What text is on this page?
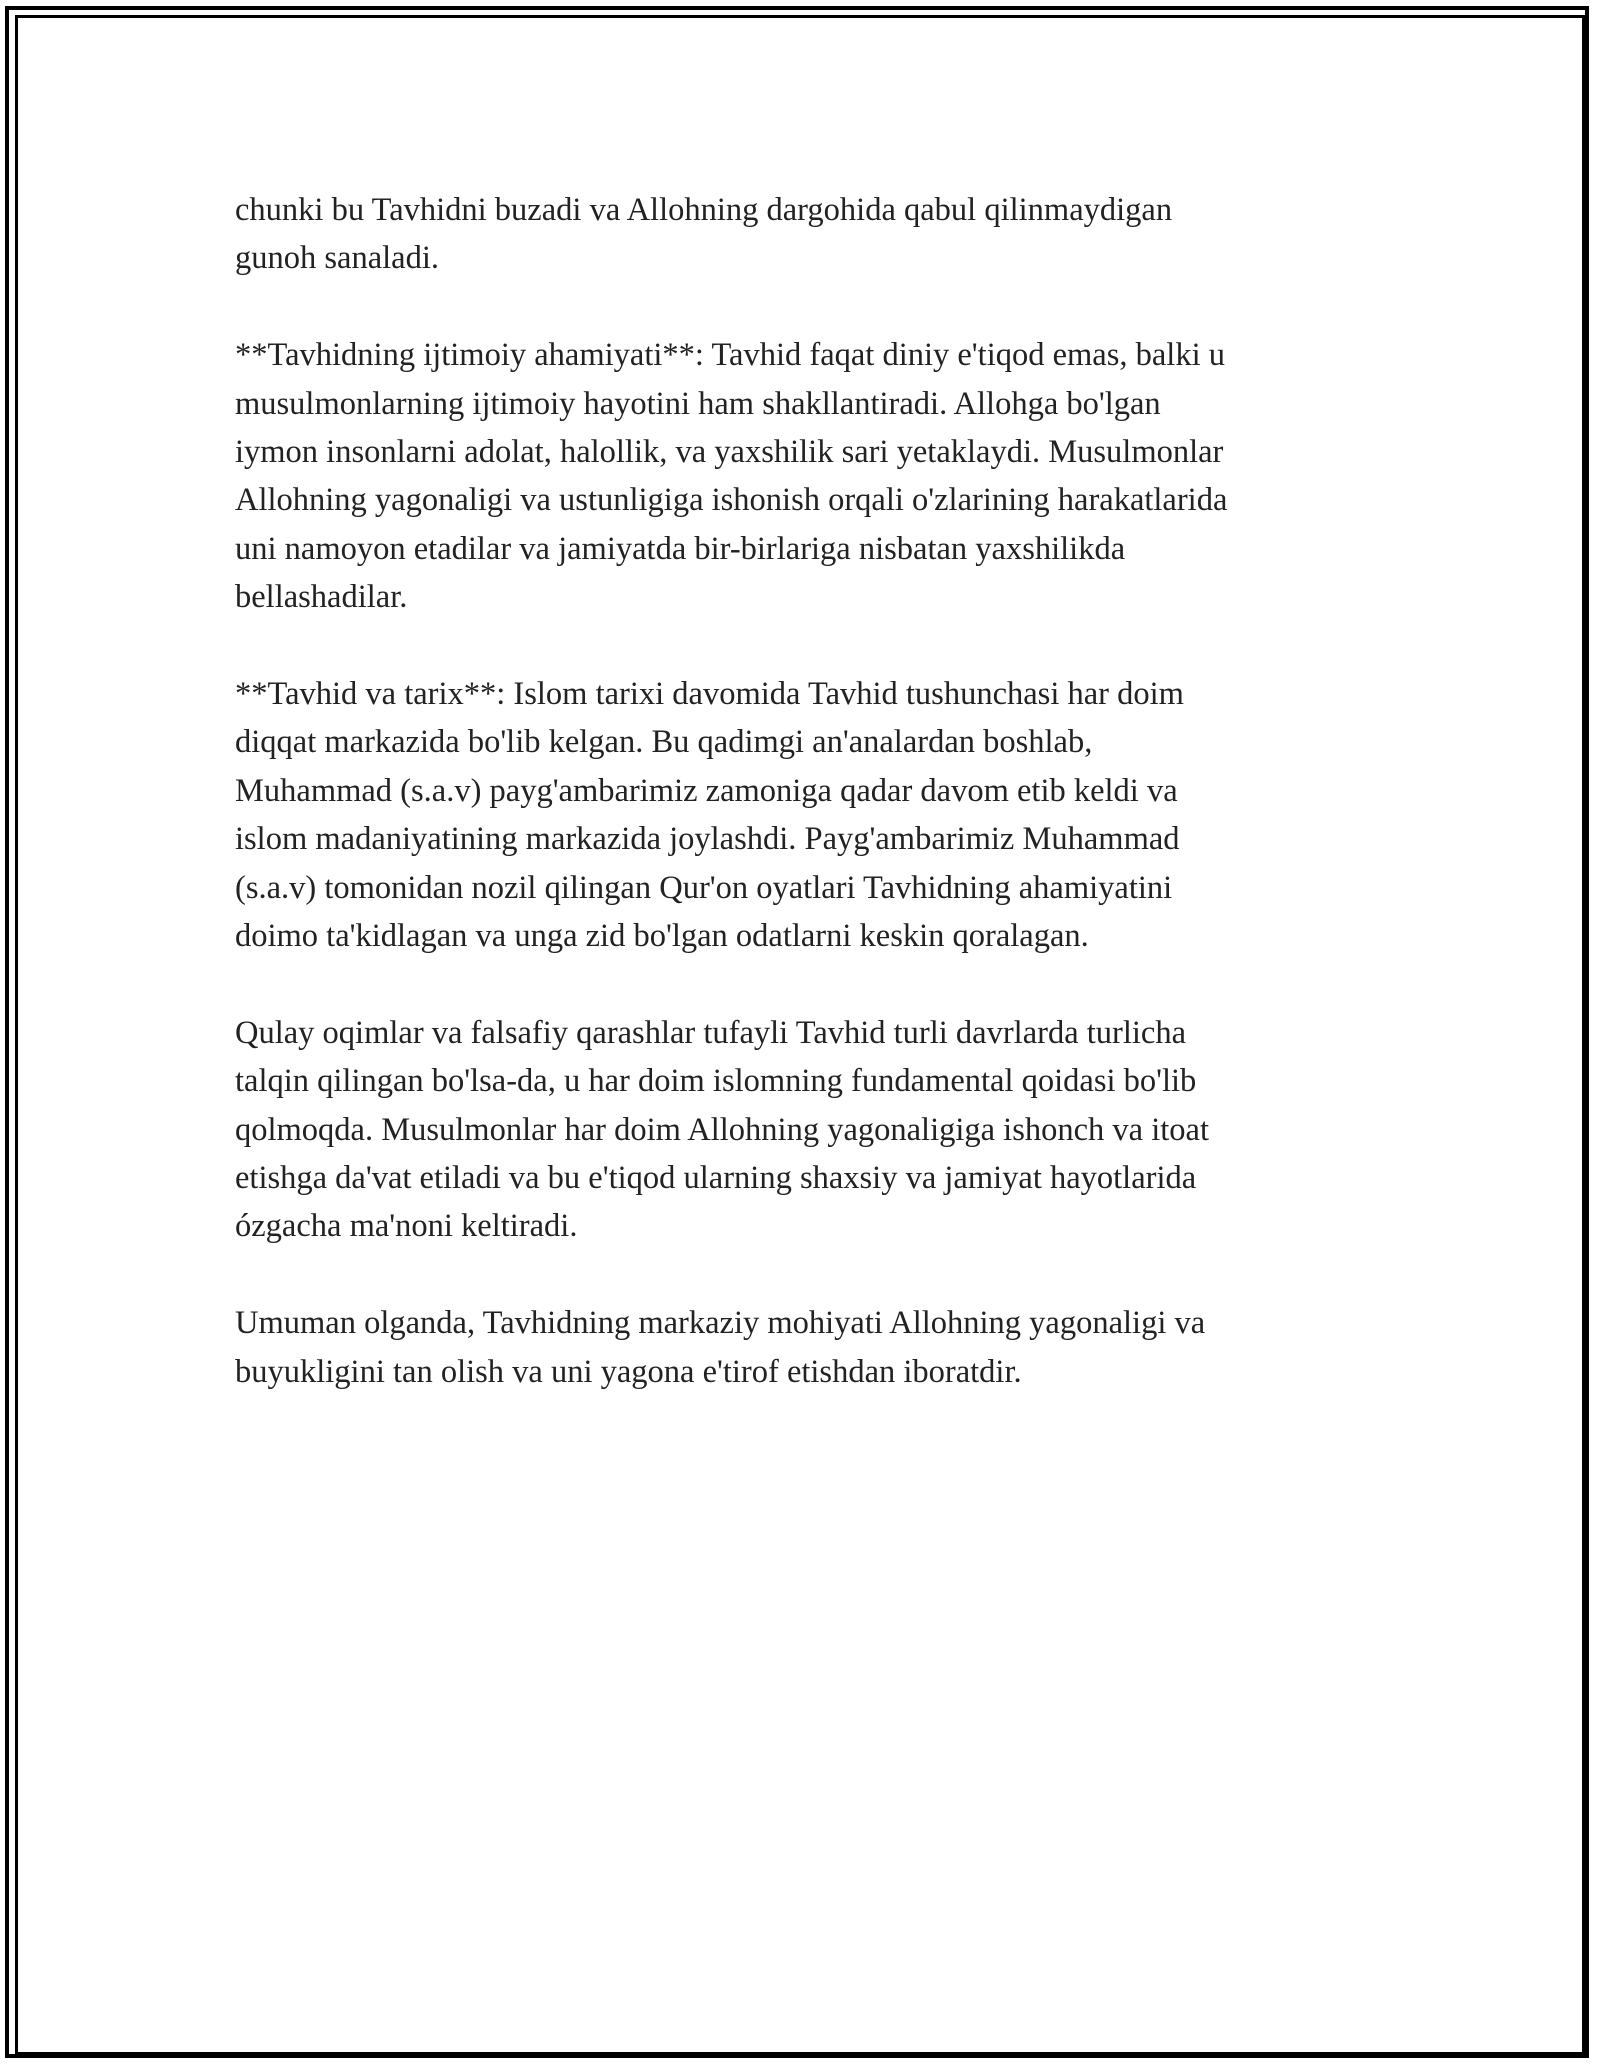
chunki bu Tavhidni buzadi va Allohning dargohida qabul qilinmaydigan
gunoh sanaladi.

**Tavhidning ijtimoiy ahamiyati**: Tavhid faqat diniy e'tiqod emas, balki u
musulmonlarning ijtimoiy hayotini ham shakllantiradi. Allohga bo'lgan
iymon insonlarni adolat, halollik, va yaxshilik sari yetaklaydi. Musulmonlar
Allohning yagonaligi va ustunligiga ishonish orqali o'zlarining harakatlarida
uni namoyon etadilar va jamiyatda bir-birlariga nisbatan yaxshilikda
bellashadilar.

**Tavhid va tarix**: Islom tarixi davomida Tavhid tushunchasi har doim
diqqat markazida bo'lib kelgan. Bu qadimgi an'analardan boshlab,
Muhammad (s.a.v) payg'ambarimiz zamoniga qadar davom etib keldi va
islom madaniyatining markazida joylashdi. Payg'ambarimiz Muhammad
(s.a.v) tomonidan nozil qilingan Qur'on oyatlari Tavhidning ahamiyatini
doimo ta'kidlagan va unga zid bo'lgan odatlarni keskin qoralagan.

Qulay oqimlar va falsafiy qarashlar tufayli Tavhid turli davrlarda turlicha
talqin qilingan bo'lsa-da, u har doim islomning fundamental qoidasi bo'lib
qolmoqda. Musulmonlar har doim Allohning yagonaligiga ishonch va itoat
etishga da'vat etiladi va bu e'tiqod ularning shaxsiy va jamiyat hayotlarida
ózgacha ma'noni keltiradi.

Umuman olganda, Tavhidning markaziy mohiyati Allohning yagonaligi va
buyukligini tan olish va uni yagona e'tirof etishdan iboratdir.
